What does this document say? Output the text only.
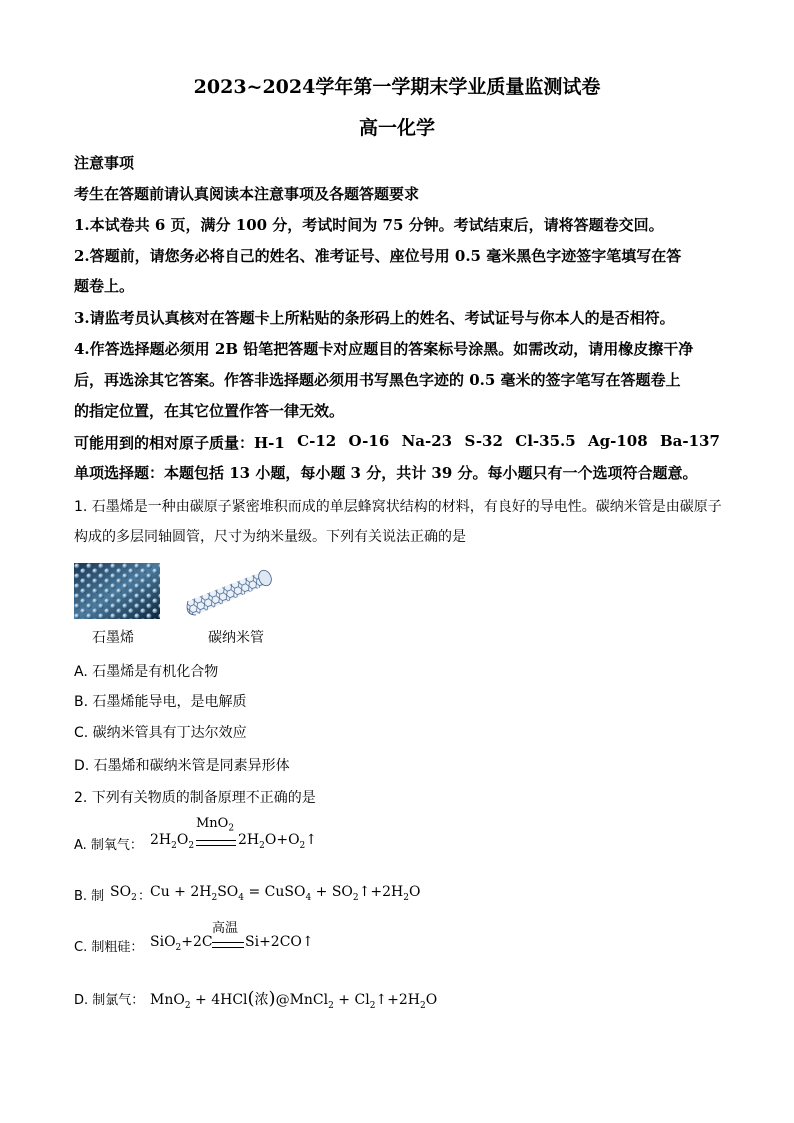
2023~2024学年第一学期末学业质量监测试卷
高一化学
注意事项
考生在答题前请认真阅读本注意事项及各题答题要求
1.本试卷共 6 页，满分 100 分，考试时间为 75 分钟。考试结束后，请将答题卷交回。
2.答题前，请您务必将自己的姓名、准考证号、座位号用 0.5 毫米黑色字迹签字笔填写在答
题卷上。
3.请监考员认真核对在答题卡上所粘贴的条形码上的姓名、考试证号与你本人的是否相符。
4.作答选择题必须用 2B 铅笔把答题卡对应题目的答案标号涂黑。如需改动，请用橡皮擦干净
后，再选涂其它答案。作答非选择题必须用书写黑色字迹的 0.5 毫米的签字笔写在答题卷上
的指定位置，在其它位置作答一律无效。
可能用到的相对原子质量：H-1 C-12 O-16 Na-23 S-32 Cl-35.5 Ag-108 Ba-137
单项选择题：本题包括 13 小题，每小题 3 分，共计 39 分。每小题只有一个选项符合题意。
1. 石墨烯是一种由碳原子紧密堆积而成的单层蜂窝状结构的材料，有良好的导电性。碳纳米管是由碳原子
构成的多层同轴圆管，尺寸为纳米量级。下列有关说法正确的是
石墨烯	碳纳米管
A. 石墨烯是有机化合物
B. 石墨烯能导电，是电解质
C. 碳纳米管具有丁达尔效应
D. 石墨烯和碳纳米管是同素异形体
2. 下列有关物质的制备原理不正确的是
A. 制氧气： $2H_2O_2$
MnO$_2$
$2H_2O+O_2↑$
B. 制 $SO_2$ ：
$Cu + 2H_2SO_4$ = CuSO$_4$ + $SO_2↑+2H_2O$
C. 制粗硅： SiO$_2$+2C
高温
Si+2CO↑
D. 制氯气： MnO$_2$ + 4HCl(浓)@MnCl$_2$ + $Cl_2↑+2H_2O$
